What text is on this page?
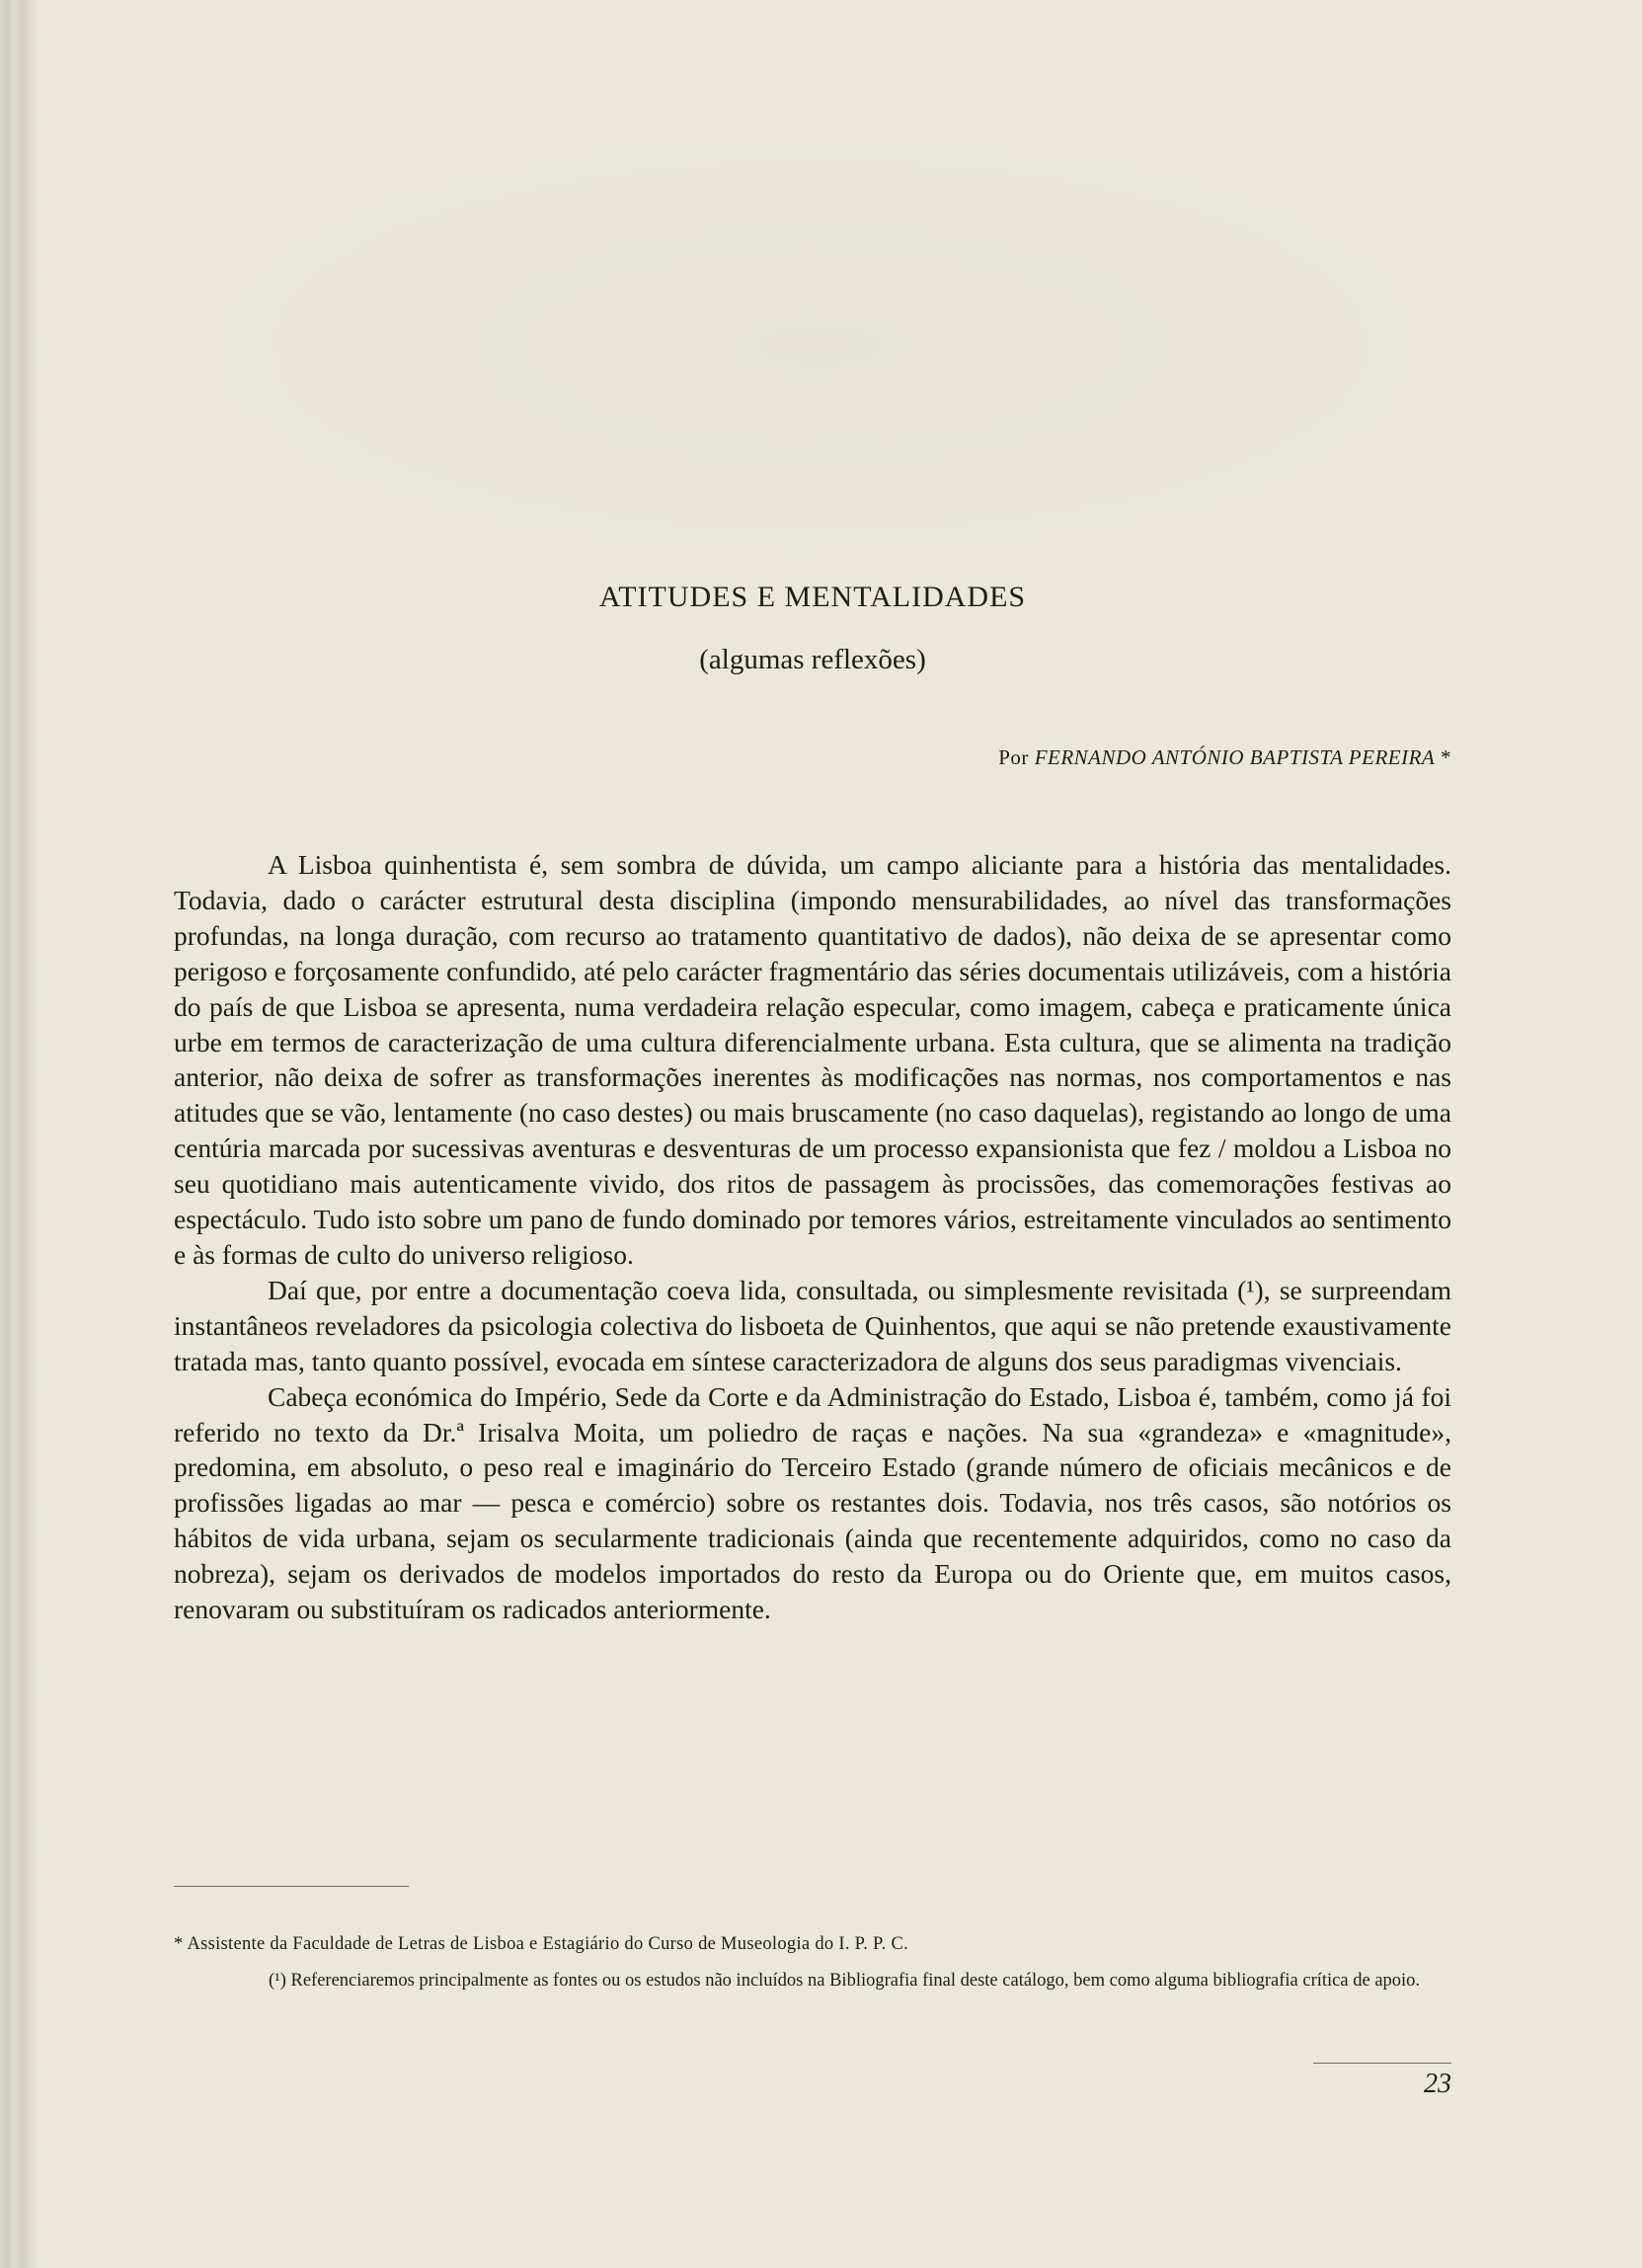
ATITUDES E MENTALIDADES
(algumas reflexões)
Por FERNANDO ANTÓNIO BAPTISTA PEREIRA *

A Lisboa quinhentista é, sem sombra de dúvida, um campo aliciante para a história das mentalidades. Todavia, dado o carácter estrutural desta disciplina (impondo mensurabilidades, ao nível das transformações profundas, na longa duração, com recurso ao tratamento quantitativo de dados), não deixa de se apresentar como perigoso e forçosamente confundido, até pelo carácter fragmentário das séries documentais utilizáveis, com a história do país de que Lisboa se apresenta, numa verdadeira relação especular, como imagem, cabeça e praticamente única urbe em termos de caracterização de uma cultura diferencialmente urbana. Esta cultura, que se alimenta na tradição anterior, não deixa de sofrer as transformações inerentes às modificações nas normas, nos comportamentos e nas atitudes que se vão, lentamente (no caso destes) ou mais bruscamente (no caso daquelas), registando ao longo de uma centúria marcada por sucessivas aventuras e desventuras de um processo expansionista que fez / moldou a Lisboa no seu quotidiano mais autenticamente vivido, dos ritos de passagem às procissões, das comemorações festivas ao espectáculo. Tudo isto sobre um pano de fundo dominado por temores vários, estreitamente vinculados ao sentimento e às formas de culto do universo religioso.

Daí que, por entre a documentação coeva lida, consultada, ou simplesmente revisitada (¹), se surpreendam instantâneos reveladores da psicologia colectiva do lisboeta de Quinhentos, que aqui se não pretende exaustivamente tratada mas, tanto quanto possível, evocada em síntese caracterizadora de alguns dos seus paradigmas vivenciais.

Cabeça económica do Império, Sede da Corte e da Administração do Estado, Lisboa é, também, como já foi referido no texto da Dr.ª Irisalva Moita, um poliedro de raças e nações. Na sua «grandeza» e «magnitude», predomina, em absoluto, o peso real e imaginário do Terceiro Estado (grande número de oficiais mecânicos e de profissões ligadas ao mar — pesca e comércio) sobre os restantes dois. Todavia, nos três casos, são notórios os hábitos de vida urbana, sejam os secularmente tradicionais (ainda que recentemente adquiridos, como no caso da nobreza), sejam os derivados de modelos importados do resto da Europa ou do Oriente que, em muitos casos, renovaram ou substituíram os radicados anteriormente.

* Assistente da Faculdade de Letras de Lisboa e Estagiário do Curso de Museologia do I. P. P. C.

(¹) Referenciaremos principalmente as fontes ou os estudos não incluídos na Bibliografia final deste catálogo, bem como alguma bibliografia crítica de apoio.

23
